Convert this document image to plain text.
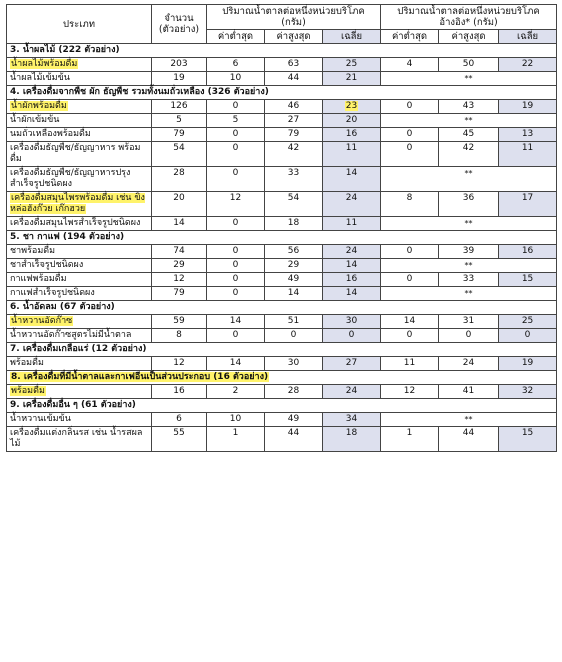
ประเภท	จำนวน (ตัวอย่าง)	ปริมาณน้ำตาลต่อหนึ่งหน่วยบริโภค (กรัม)			ปริมาณน้ำตาลต่อหนึ่งหน่วยบริโภคอ้างอิง* (กรัม)		
		ค่าต่ำสุด	ค่าสูงสุด	เฉลี่ย	ค่าต่ำสุด	ค่าสูงสุด	เฉลี่ย
3. น้ำผลไม้ (222 ตัวอย่าง)							
น้ำผลไม้พร้อมดื่ม	203	6	63	25	4	50	22
น้ำผลไม้เข้มข้น	19	10	44	21	**		
4. เครื่องดื่มจากพืช ผัก ธัญพืช รวมทั้งนมถั่วเหลือง (326 ตัวอย่าง)							
น้ำผักพร้อมดื่ม	126	0	46	23	0	43	19
น้ำผักเข้มข้น	5	5	27	20	**		
นมถั่วเหลืองพร้อมดื่ม	79	0	79	16	0	45	13
เครื่องดื่มธัญพืช/ธัญญาหาร พร้อมดื่ม	54	0	42	11	0	42	11
เครื่องดื่มธัญพืช/ธัญญาหารปรุงสำเร็จรูปชนิดผง	28	0	33	14	**		
เครื่องดื่มสมุนไพรพร้อมดื่ม เช่น ขิง หล่อฮังก๊วย เก๊กฮวย	20	12	54	24	8	36	17
เครื่องดื่มสมุนไพรสำเร็จรูปชนิดผง	14	0	18	11	**		
5. ชา กาแฟ (194 ตัวอย่าง)							
ชาพร้อมดื่ม	74	0	56	24	0	39	16
ชาสำเร็จรูปชนิดผง	29	0	29	14	**		
กาแฟพร้อมดื่ม	12	0	49	16	0	33	15
กาแฟสำเร็จรูปชนิดผง	79	0	14	14	**		
6. น้ำอัดลม (67 ตัวอย่าง)							
น้ำหวานอัดก๊าซ	59	14	51	30	14	31	25
น้ำหวานอัดก๊าซสูตรไม่มีน้ำตาล	8	0	0	0	0	0	0
7. เครื่องดื่มเกลือแร่ (12 ตัวอย่าง)							
พร้อมดื่ม	12	14	30	27	11	24	19
8. เครื่องดื่มที่มีน้ำตาลและกาเฟอีนเป็นส่วนประกอบ (16 ตัวอย่าง)							
พร้อมดื่ม	16	2	28	24	12	41	32
9. เครื่องดื่มอื่น ๆ (61 ตัวอย่าง)							
น้ำหวานเข้มข้น	6	10	49	34	**		
เครื่องดื่มแต่งกลิ่นรส เช่น น้ำรสผลไม้	55	1	44	18	1	44	15
